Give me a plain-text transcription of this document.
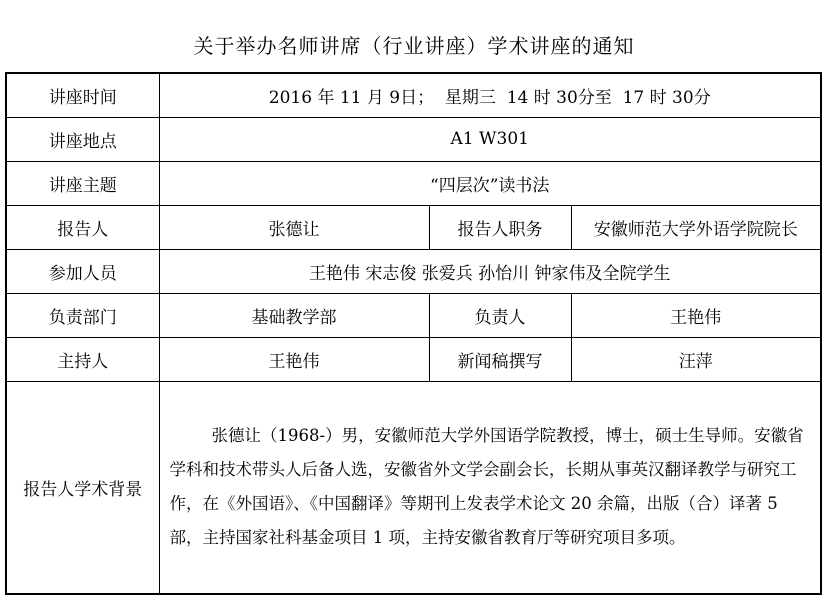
关于举办名师讲席（行业讲座）学术讲座的通知
讲座时间	2016 年 11 月 9日；  星期三  14 时 30分至  17 时 30分		
讲座地点	A1 W301		
讲座主题	“四层次”读书法		
报告人	张德让	报告人职务	安徽师范大学外语学院院长
参加人员	王艳伟 宋志俊 张爱兵 孙怡川 钟家伟及全院学生		
负责部门	基础教学部	负责人	王艳伟
主持人	王艳伟	新闻稿撰写	汪萍
报告人学术背景	张德让（1968-）男，安徽师范大学外国语学院教授，博士，硕士生导师。安徽省学科和技术带头人后备人选，安徽省外文学会副会长，长期从事英汉翻译教学与研究工作，在《外国语》、《中国翻译》等期刊上发表学术论文 20 余篇，出版（合）译著 5 部，主持国家社科基金项目 1 项，主持安徽省教育厅等研究项目多项。		
